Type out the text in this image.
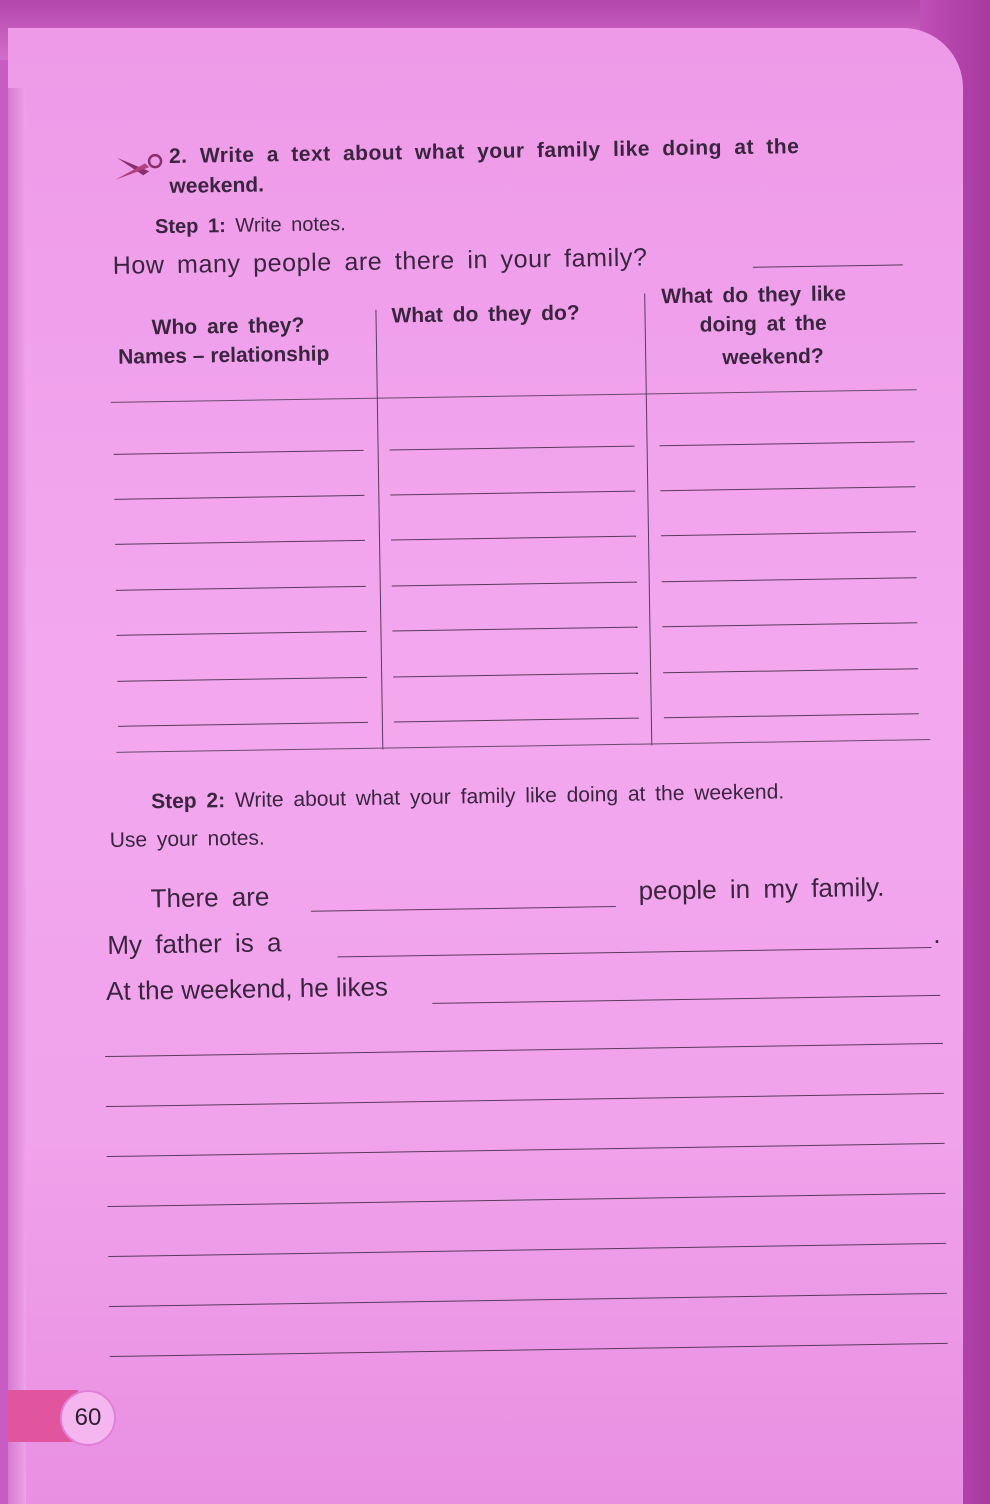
2. Write a text about what your family like doing at the
weekend.
Step 1: Write notes.
How many people are there in your family?
Who are they?
Names – relationship
What do they do?
What do they like
doing at the
weekend?
Step 2: Write about what your family like doing at the weekend.
Use your notes.
There are	people in my family.
My father is a	.
At the weekend, he likes
60
